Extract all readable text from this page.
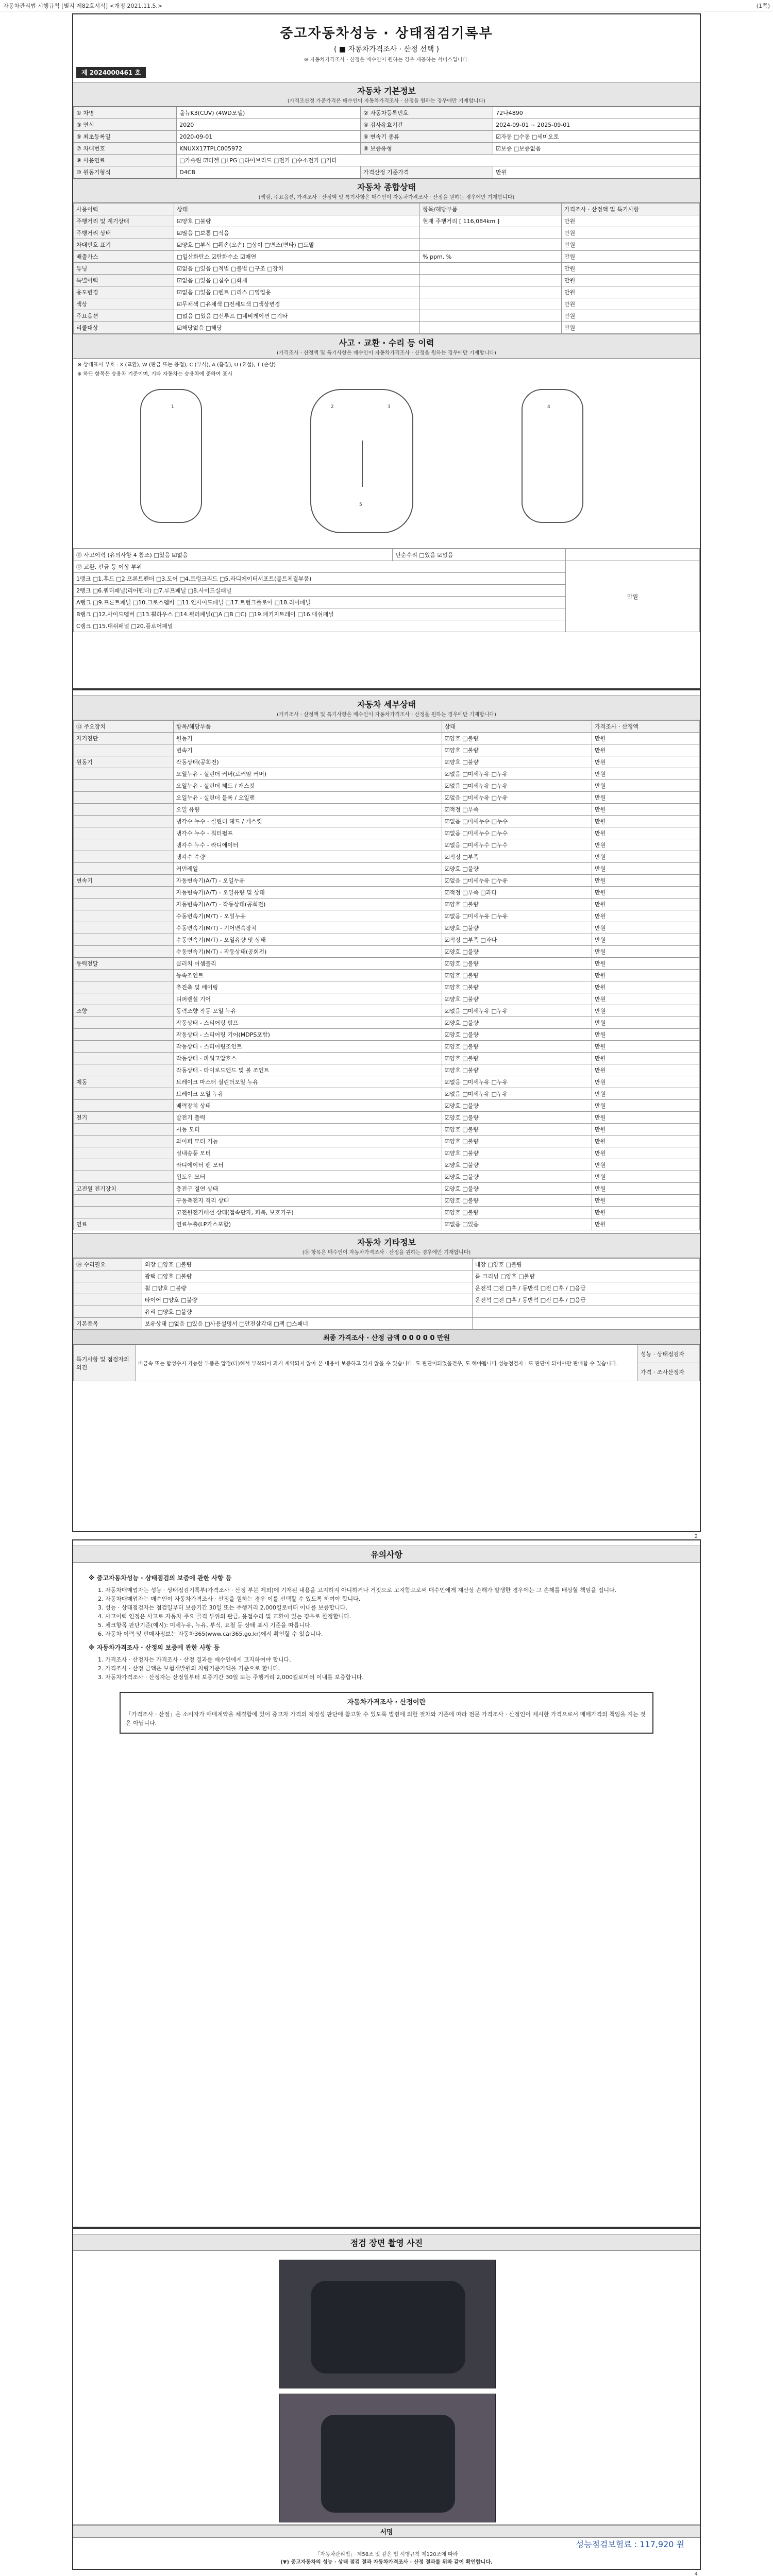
자동차관리법 시행규칙 [별지 제82호서식] <개정 2021.11.5.>	(1쪽)
중고자동차성능 · 상태점검기록부
( ■ 자동차가격조사 · 산정 선택 )
※ 자동차가격조사 · 산정은 매수인이 원하는 경우 제공하는 서비스입니다.
제 2024000461 호
자동차 기본정보

(가격조산정 가준가격은 매수인이 자동차가격조사 · 산정을 원하는 경우에만 기재합니다)

① 차명	올뉴K3(CUV) (4WD모델)	② 자동차등록번호	72나4890
③ 연식	2020	④ 검사유효기간	2024-09-01 ~ 2025-09-01
⑤ 최초등록일	2020-09-01	⑥ 변속기 종류	☑자동 □수동 □세미오토
⑦ 차대번호	KNUXX17TPLC005972	⑧ 보증유형	☑보증 □보증없음
⑨ 사용연료	□가솔린 ☑디젤 □LPG □하이브리드 □전기 □수소전기 □기타		
⑩ 원동기형식	D4CB	가격산정 기준가격	만원
자동차 종합상태

(색상, 주요옵션, 가격조사 · 산정액 및 특기사항은 매수인이 자동차가격조사 · 산정을 원하는 경우에만 기재합니다)

사용이력	상태	항목/해당부품	가격조사 · 산정액 및 특기사항
주행거리 및 계기상태	☑양호 □불량	현재 주행거리 [ 116,084km ]	만원
주행거리 상태	☑많음 □보통 □적음		만원
차대번호 표기	☑양호 □부식 □훼손(오손) □상이 □변조(변타) □도말		만원
배출가스	□일산화탄소 ☑탄화수소 ☑매연	% ppm. %	만원
튜닝	☑없음 □있음 □적법 □불법 □구조 □장치		만원
특별이력	☑없음 □있음 □침수 □화재		만원
용도변경	☑없음 □있음 □렌트 □리스 □영업용		만원
색상	☑무채색 □유채색 □전체도색 □색상변경		만원
주요옵션	□없음 □있음 □선루프 □네비게이션 □기타		만원
리콜대상	☑해당없음 □해당		만원
사고 · 교환 · 수리 등 이력

(가격조사 · 산정액 및 특기사항은 매수인이 자동차가격조사 · 산정을 원하는 경우에만 기재합니다)

※ 상태표시 부호 : X (교환), W (판금 또는 용접), C (부식), A (흠집), U (요철), T (손상)
※ 하단 항목은 승용차 기준이며, 기타 자동차는 승용차에 준하여 표시
1	2	3	4
5
⑪ 사고이력 (유의사항 4 참조) □있음 ☑없음	단순수리 □있음 ☑없음	
⑫ 교환, 판금 등 이상 부위		만원
1랭크 □1.후드 □2.프론트펜더 □3.도어 □4.트렁크리드 □5.라디에이터서포트(볼트체결부품)		
2랭크 □6.쿼터패널(리어펜더) □7.루프패널 □8.사이드실패널		
A랭크 □9.프론트패널 □10.크로스멤버 □11.인사이드패널 □17.트렁크플로어 □18.리어패널		
B랭크 □12.사이드멤버 □13.휠하우스 □14.필러패널(□A □B □C) □19.패키지트레이 □16.대쉬패널		
C랭크 □15.대쉬패널 □20.플로어패널		
자동차 세부상태

(가격조사 · 산정액 및 특기사항은 매수인이 자동차가격조사 · 산정을 원하는 경우에만 기재합니다)

⑬ 주요장치	항목/해당부품	상태	가격조사 · 산정액
자기진단	원동기	☑양호 □불량	만원
	변속기	☑양호 □불량	만원
원동기	작동상태(공회전)	☑양호 □불량	만원
	오일누유 - 실린더 커버(로커암 커버)	☑없음 □미세누유 □누유	만원
	오일누유 - 실린더 헤드 / 개스킷	☑없음 □미세누유 □누유	만원
	오일누유 - 실린더 블록 / 오일팬	☑없음 □미세누유 □누유	만원
	오일 유량	☑적정 □부족	만원
	냉각수 누수 - 실린더 헤드 / 개스킷	☑없음 □미세누수 □누수	만원
	냉각수 누수 - 워터펌프	☑없음 □미세누수 □누수	만원
	냉각수 누수 - 라디에이터	☑없음 □미세누수 □누수	만원
	냉각수 수량	☑적정 □부족	만원
	커먼레일	☑양호 □불량	만원
변속기	자동변속기(A/T) - 오일누유	☑없음 □미세누유 □누유	만원
	자동변속기(A/T) - 오일유량 및 상태	☑적정 □부족 □과다	만원
	자동변속기(A/T) - 작동상태(공회전)	☑양호 □불량	만원
	수동변속기(M/T) - 오일누유	☑없음 □미세누유 □누유	만원
	수동변속기(M/T) - 기어변속장치	☑양호 □불량	만원
	수동변속기(M/T) - 오일유량 및 상태	☑적정 □부족 □과다	만원
	수동변속기(M/T) - 작동상태(공회전)	☑양호 □불량	만원
동력전달	클러치 어셈블리	☑양호 □불량	만원
	등속조인트	☑양호 □불량	만원
	추진축 및 베어링	☑양호 □불량	만원
	디퍼렌셜 기어	☑양호 □불량	만원
조향	동력조향 작동 오일 누유	☑없음 □미세누유 □누유	만원
	작동상태 - 스티어링 펌프	☑양호 □불량	만원
	작동상태 - 스티어링 기어(MDPS포함)	☑양호 □불량	만원
	작동상태 - 스티어링조인트	☑양호 □불량	만원
	작동상태 - 파워고압호스	☑양호 □불량	만원
	작동상태 - 타이로드엔드 및 볼 조인트	☑양호 □불량	만원
제동	브레이크 마스터 실린더오일 누유	☑없음 □미세누유 □누유	만원
	브레이크 오일 누유	☑없음 □미세누유 □누유	만원
	배력장치 상태	☑양호 □불량	만원
전기	발전기 출력	☑양호 □불량	만원
	시동 모터	☑양호 □불량	만원
	와이퍼 모터 기능	☑양호 □불량	만원
	실내송풍 모터	☑양호 □불량	만원
	라디에이터 팬 모터	☑양호 □불량	만원
	윈도우 모터	☑양호 □불량	만원
고전원 전기장치	충전구 절연 상태	☑양호 □불량	만원
	구동축전지 격리 상태	☑양호 □불량	만원
	고전원전기배선 상태(접속단자, 피복, 보호기구)	☑양호 □불량	만원
연료	연료누출(LP가스포함)	☑없음 □있음	만원
자동차 기타정보

(⑭ 항목은 매수인이 자동차가격조사 · 산정을 원하는 경우에만 기재합니다)

⑭ 수리필요	외장 □양호 □불량	내장 □양호 □불량
	광택 □양호 □불량	룸 크리닝 □양호 □불량
	휠 □양호 □불량	운전석 □전 □후 / 동반석 □전 □후 / □응급
	타이어 □양호 □불량	운전석 □전 □후 / 동반석 □전 □후 / □응급
	유리 □양호 □불량	
기본품목	보유상태 □없음 □있음 □사용설명서 □안전삼각대 □잭 □스패너	
최종 가격조사 · 산정 금액 0 0 0 0 0 만원
특기사항 및 점검자의 의견	비금속 또는 합성수지 가능한 부품은 압점(타)해서 부착되어 과거 계약되지 않아 본 내용이 보증하고 있지 않을 수 있습니다. 도 판단이되었을건우, 도 해야됩니다 성능점검자 : 또 판단이 되어야만 판매함 수 있습니다.	성능 · 상태점검자
가격 · 조사산정자
2
유의사항
※ 중고자동차성능 · 상태점검의 보증에 관한 사항 등
1. 자동차매매업자는 성능 · 상태점검기록부(가격조사 · 산정 부분 제외)에 기재된 내용을 고지하지 아니하거나 거짓으로 고지함으로써 매수인에게 재산상 손해가 발생한 경우에는 그 손해를 배상할 책임을 집니다.
2. 자동차매매업자는 매수인이 자동차가격조사 · 산정을 원하는 경우 이를 선택할 수 있도록 하여야 합니다.
3. 성능 · 상태점검자는 점검일부터 보증기간 30일 또는 주행거리 2,000킬로미터 이내를 보증합니다.
4. 사고이력 인정은 사고로 자동차 주요 골격 부위의 판금, 용접수리 및 교환이 있는 경우로 한정합니다.
5. 체크항목 판단기준(예시): 미세누유, 누유, 부식, 요철 등 상태 표시 기준을 따릅니다.
6. 자동차 이력 및 판매자정보는 자동차365(www.car365.go.kr)에서 확인할 수 있습니다.
※ 자동차가격조사 · 산정의 보증에 관한 사항 등
1. 가격조사 · 산정자는 가격조사 · 산정 결과를 매수인에게 고지하여야 합니다.
2. 가격조사 · 산정 금액은 보험개발원의 차량기준가액을 기준으로 합니다.
3. 자동차가격조사 · 산정자는 산정일부터 보증기간 30일 또는 주행거리 2,000킬로미터 이내를 보증합니다.
자동차가격조사 · 산정이란
「가격조사 · 산정」은 소비자가 매매계약을 체결함에 있어 중고차 가격의 적정성 판단에 참고할 수 있도록 법령에 의한 절차와 기준에 따라 전문 가격조사 · 산정인이 제시한 가격으로서 매매가격의 책임을 지는 것은 아닙니다.
점검 장면 촬영 사진
4
서명
성능점검보험료 : 117,920 원
「자동차관리법」 제58조 및 같은 법 시행규칙 제120조에 따라
(▼) 중고자동차의 성능 · 상태 점검 결과 자동차가격조사 · 산정 결과를 위와 같이 확인합니다.
